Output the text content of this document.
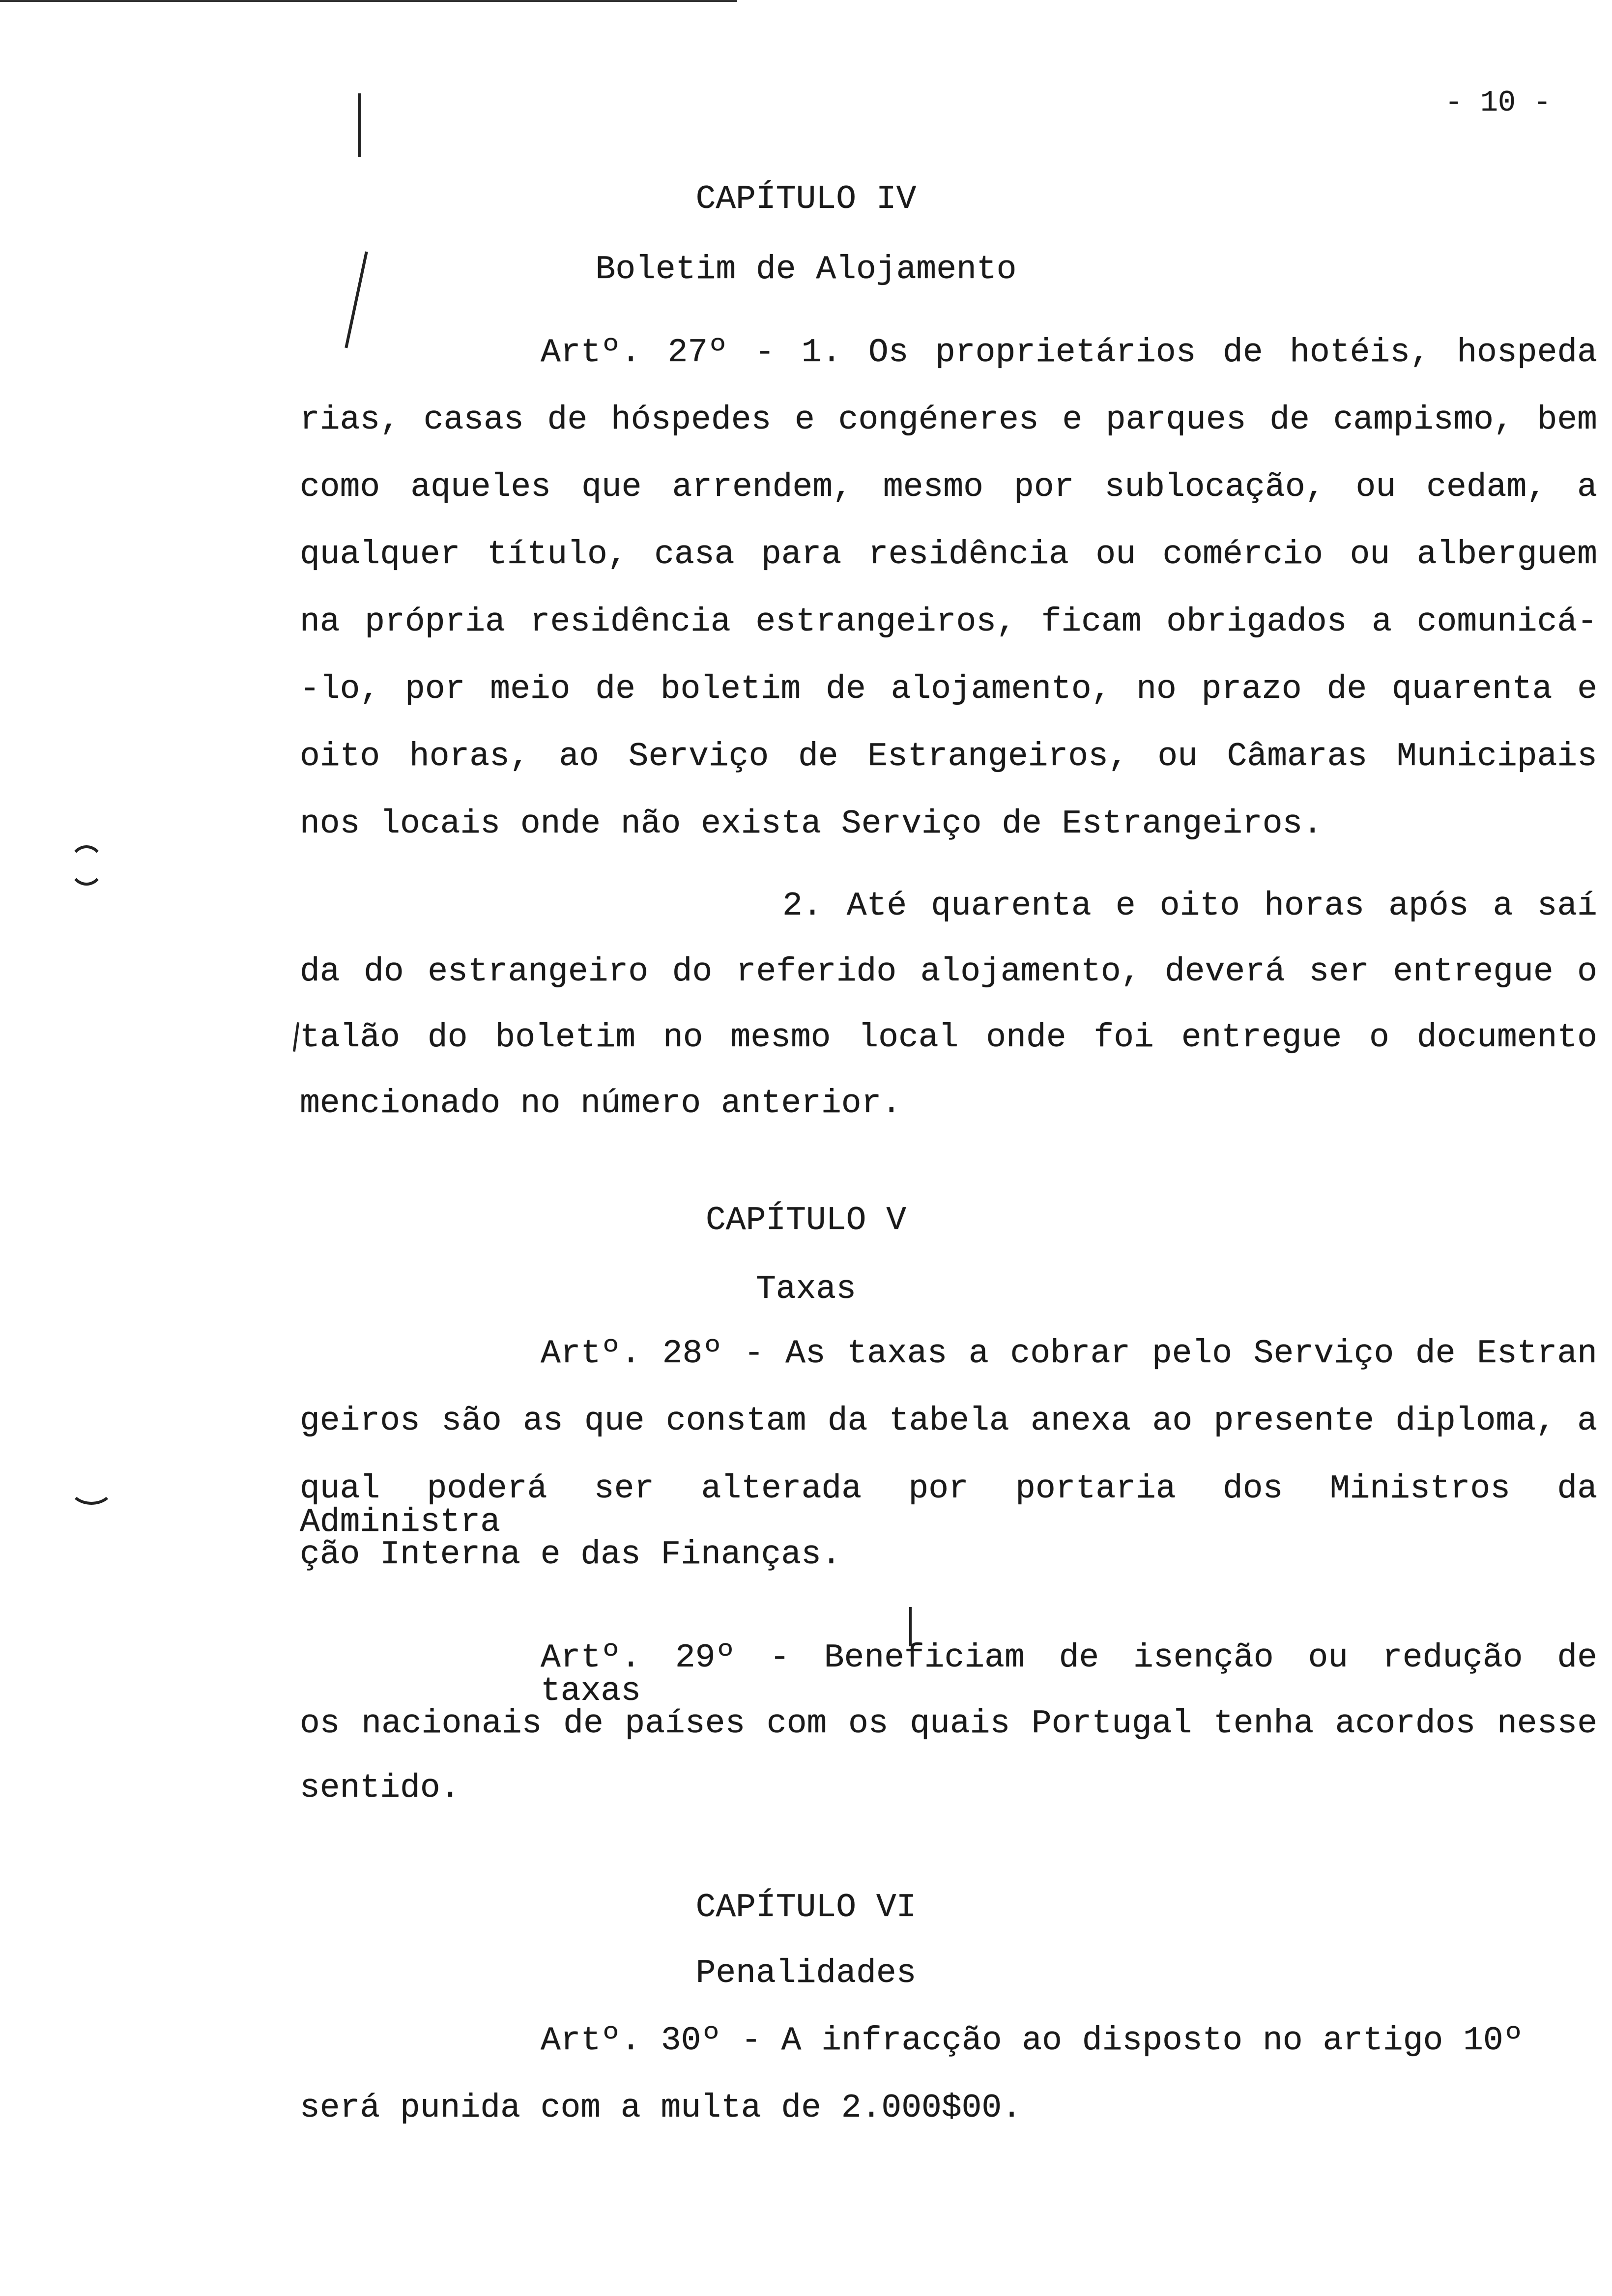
- 10 -
CAPÍTULO IV
Boletim de Alojamento
Artº. 27º - 1. Os proprietários de hotéis, hospeda
rias, casas de hóspedes e congéneres e parques de campismo, bem
como aqueles que arrendem, mesmo por sublocação, ou cedam, a
qualquer título, casa para residência ou comércio ou alberguem
na própria residência estrangeiros, ficam obrigados a comunicá-
-lo, por meio de boletim de alojamento, no prazo de quarenta e
oito horas, ao Serviço de Estrangeiros, ou Câmaras Municipais
nos locais onde não exista Serviço de Estrangeiros.
2. Até quarenta e oito horas após a saí
da do estrangeiro do referido alojamento, deverá ser entregue o
talão do boletim no mesmo local onde foi entregue o documento
mencionado no número anterior.
CAPÍTULO V
Taxas
Artº. 28º - As taxas a cobrar pelo Serviço de Estran
geiros são as que constam da tabela anexa ao presente diploma, a
qual poderá ser alterada por portaria dos Ministros da Administra
ção Interna e das Finanças.
Artº. 29º - Beneficiam de isenção ou redução de taxas
os nacionais de países com os quais Portugal tenha acordos nesse
sentido.
CAPÍTULO VI
Penalidades
Artº. 30º - A infracção ao disposto no artigo 10º
será punida com a multa de 2.000$00.
